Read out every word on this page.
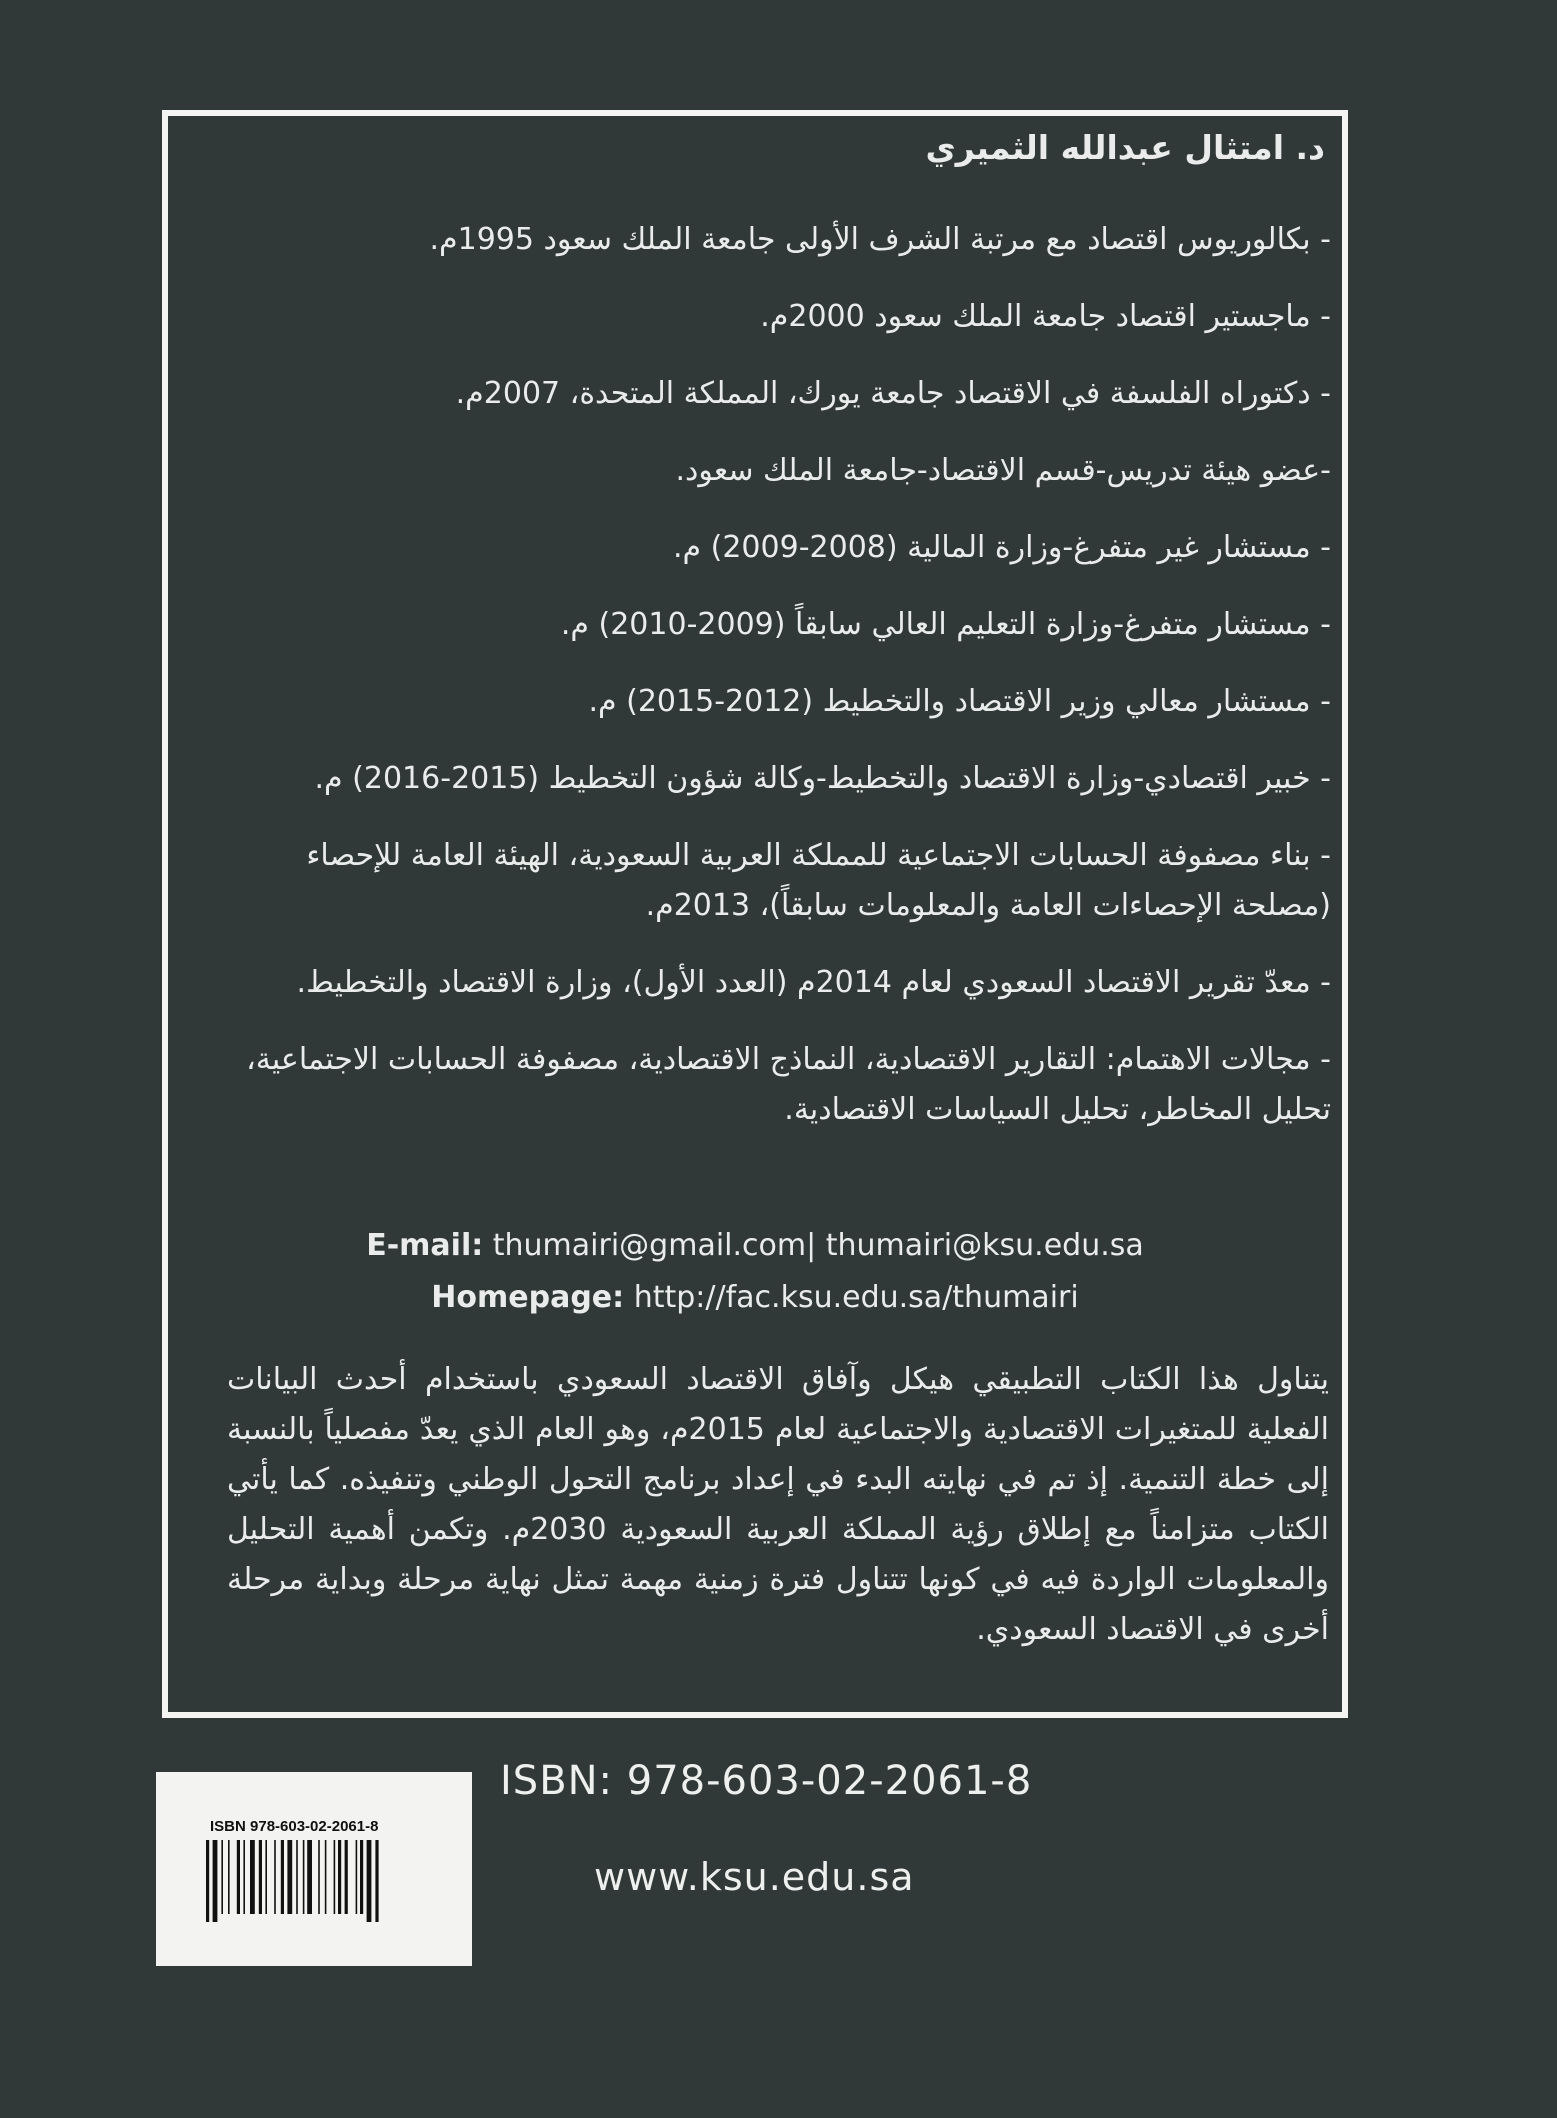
د. امتثال عبدالله الثميري
- بكالوريوس اقتصاد مع مرتبة الشرف الأولى جامعة الملك سعود 1995م.
- ماجستير اقتصاد جامعة الملك سعود 2000م.
- دكتوراه الفلسفة في الاقتصاد جامعة يورك، المملكة المتحدة، 2007م.
-عضو هيئة تدريس-قسم الاقتصاد-جامعة الملك سعود.
- مستشار غير متفرغ-وزارة المالية (2008-2009) م.
- مستشار متفرغ-وزارة التعليم العالي سابقاً (2009-2010) م.
- مستشار معالي وزير الاقتصاد والتخطيط (2012-2015) م.
- خبير اقتصادي-وزارة الاقتصاد والتخطيط-وكالة شؤون التخطيط (2015-2016) م.
- بناء مصفوفة الحسابات الاجتماعية للمملكة العربية السعودية، الهيئة العامة للإحصاء (مصلحة الإحصاءات العامة والمعلومات سابقاً)، 2013م.
- معدّ تقرير الاقتصاد السعودي لعام 2014م (العدد الأول)، وزارة الاقتصاد والتخطيط.
- مجالات الاهتمام: التقارير الاقتصادية، النماذج الاقتصادية، مصفوفة الحسابات الاجتماعية، تحليل المخاطر، تحليل السياسات الاقتصادية.
E-mail: thumairi@gmail.com| thumairi@ksu.edu.sa
Homepage: http://fac.ksu.edu.sa/thumairi

يتناول هذا الكتاب التطبيقي هيكل وآفاق الاقتصاد السعودي باستخدام أحدث البيانات الفعلية للمتغيرات الاقتصادية والاجتماعية لعام 2015م، وهو العام الذي يعدّ مفصلياً بالنسبة إلى خطة التنمية. إذ تم في نهايته البدء في إعداد برنامج التحول الوطني وتنفيذه. كما يأتي الكتاب متزامناً مع إطلاق رؤية المملكة العربية السعودية 2030م. وتكمن أهمية التحليل والمعلومات الواردة فيه في كونها تتناول فترة زمنية مهمة تمثل نهاية مرحلة وبداية مرحلة أخرى في الاقتصاد السعودي.

ISBN 978-603-02-2061-8
ISBN: 978-603-02-2061-8
www.ksu.edu.sa
